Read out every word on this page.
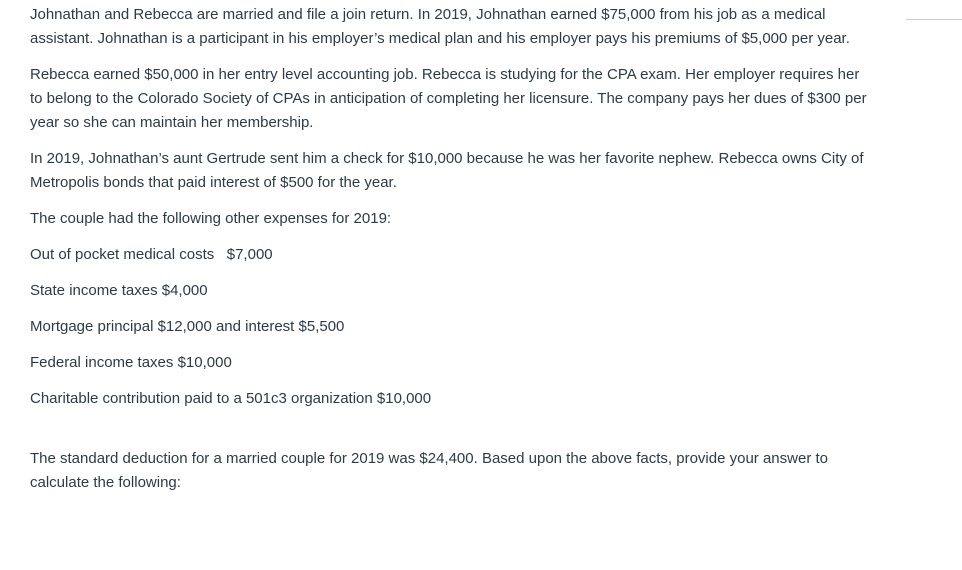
Johnathan and Rebecca are married and file a join return. In 2019, Johnathan earned $75,000 from his job as a medical assistant. Johnathan is a participant in his employer’s medical plan and his employer pays his premiums of $5,000 per year.

Rebecca earned $50,000 in her entry level accounting job. Rebecca is studying for the CPA exam. Her employer requires her to belong to the Colorado Society of CPAs in anticipation of completing her licensure. The company pays her dues of $300 per year so she can maintain her membership.

In 2019, Johnathan’s aunt Gertrude sent him a check for $10,000 because he was her favorite nephew. Rebecca owns City of Metropolis bonds that paid interest of $500 for the year.

The couple had the following other expenses for 2019:

Out of pocket medical costs   $7,000

State income taxes $4,000

Mortgage principal $12,000 and interest $5,500

Federal income taxes $10,000

Charitable contribution paid to a 501c3 organization $10,000

The standard deduction for a married couple for 2019 was $24,400. Based upon the above facts, provide your answer to calculate the following:
